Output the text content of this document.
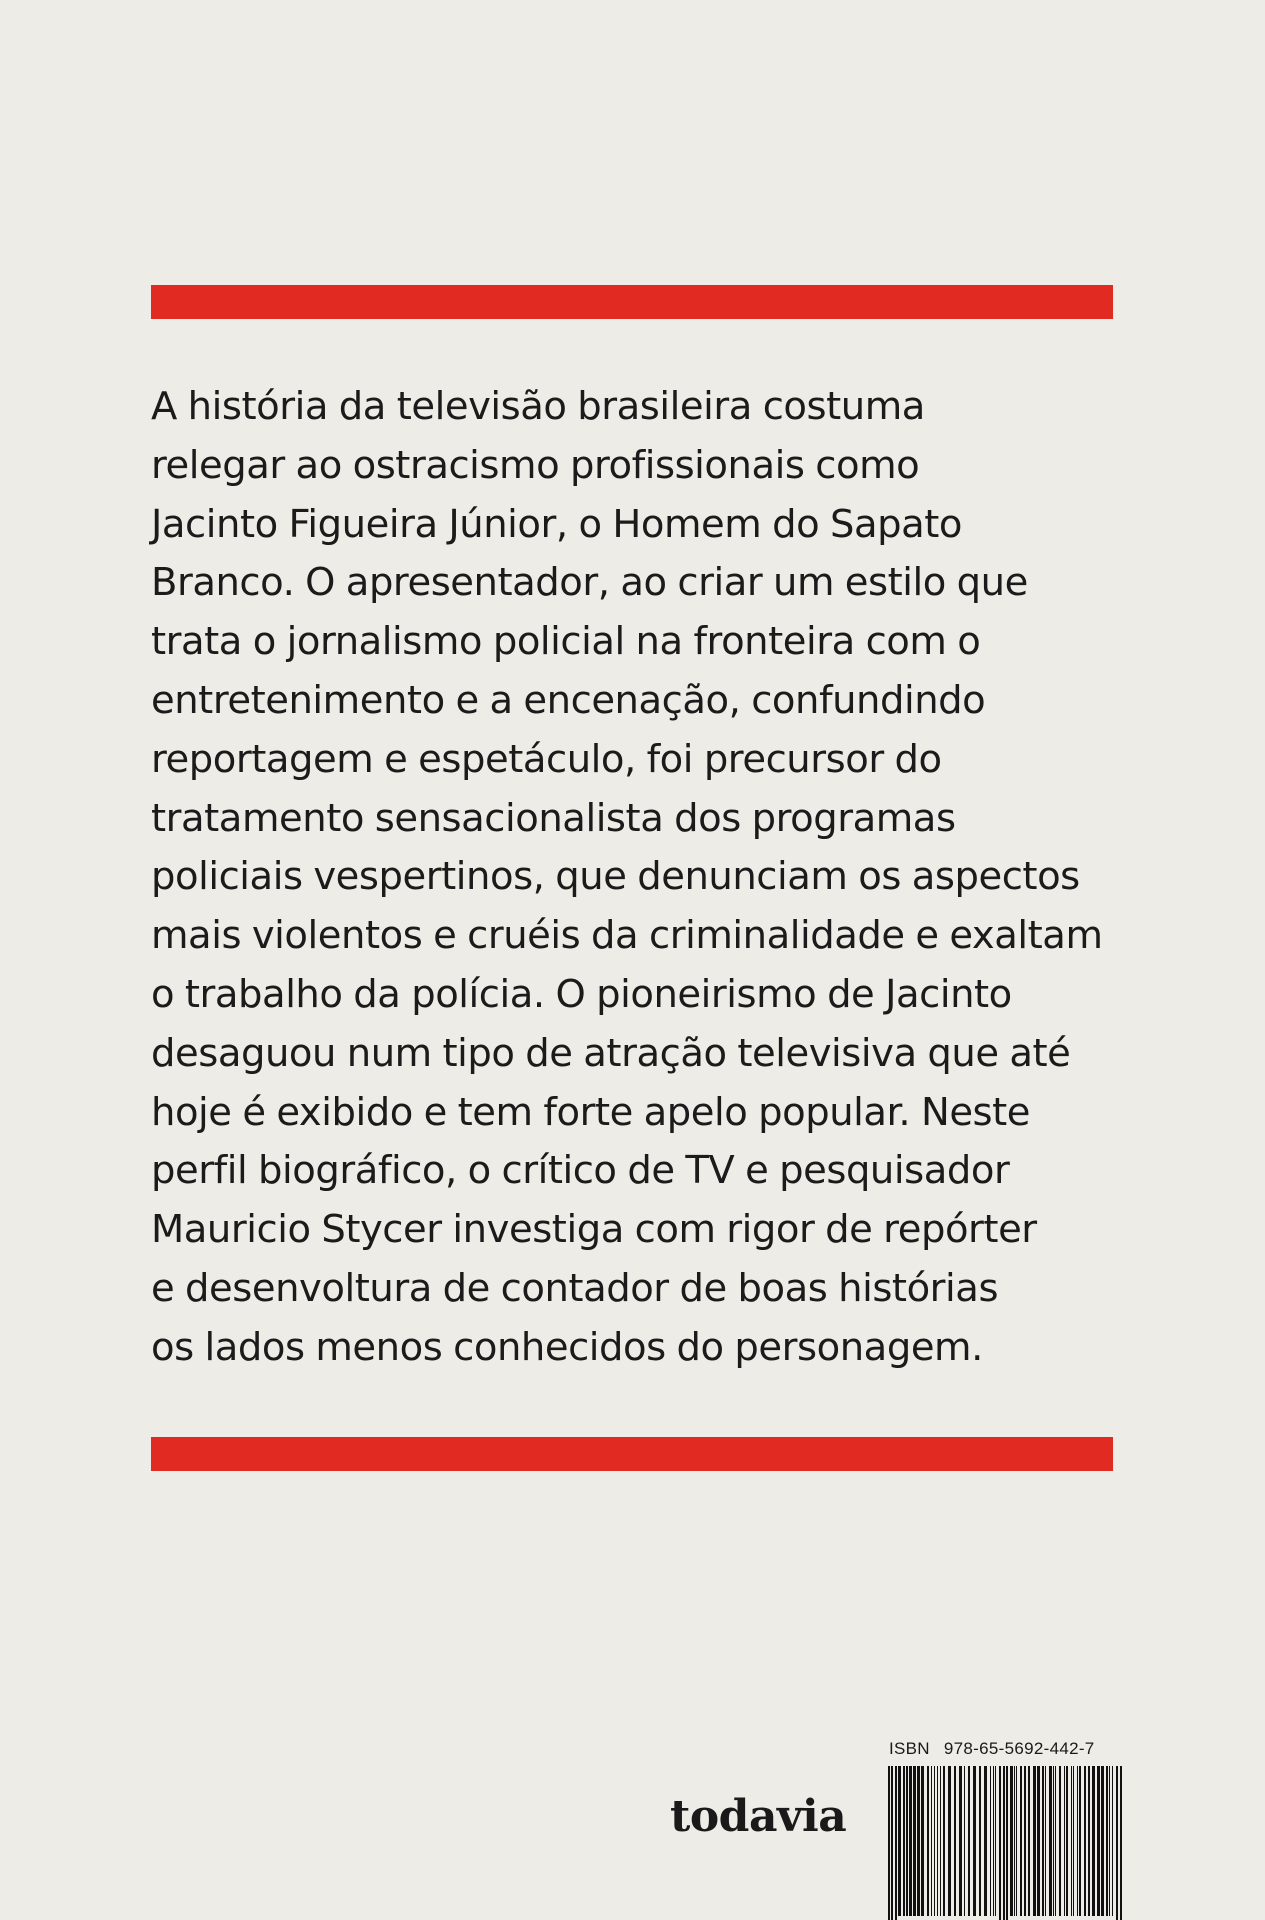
A história da televisão brasileira costuma
relegar ao ostracismo profissionais como
Jacinto Figueira Júnior, o Homem do Sapato
Branco. O apresentador, ao criar um estilo que
trata o jornalismo policial na fronteira com o
entretenimento e a encenação, confundindo
reportagem e espetáculo, foi precursor do
tratamento sensacionalista dos programas
policiais vespertinos, que denunciam os aspectos
mais violentos e cruéis da criminalidade e exaltam
o trabalho da polícia. O pioneirismo de Jacinto
desaguou num tipo de atração televisiva que até
hoje é exibido e tem forte apelo popular. Neste
perfil biográfico, o crítico de TV e pesquisador
Mauricio Stycer investiga com rigor de repórter
e desenvoltura de contador de boas histórias
os lados menos conhecidos do personagem.

todavia
ISBN 978-65-5692-442-7
